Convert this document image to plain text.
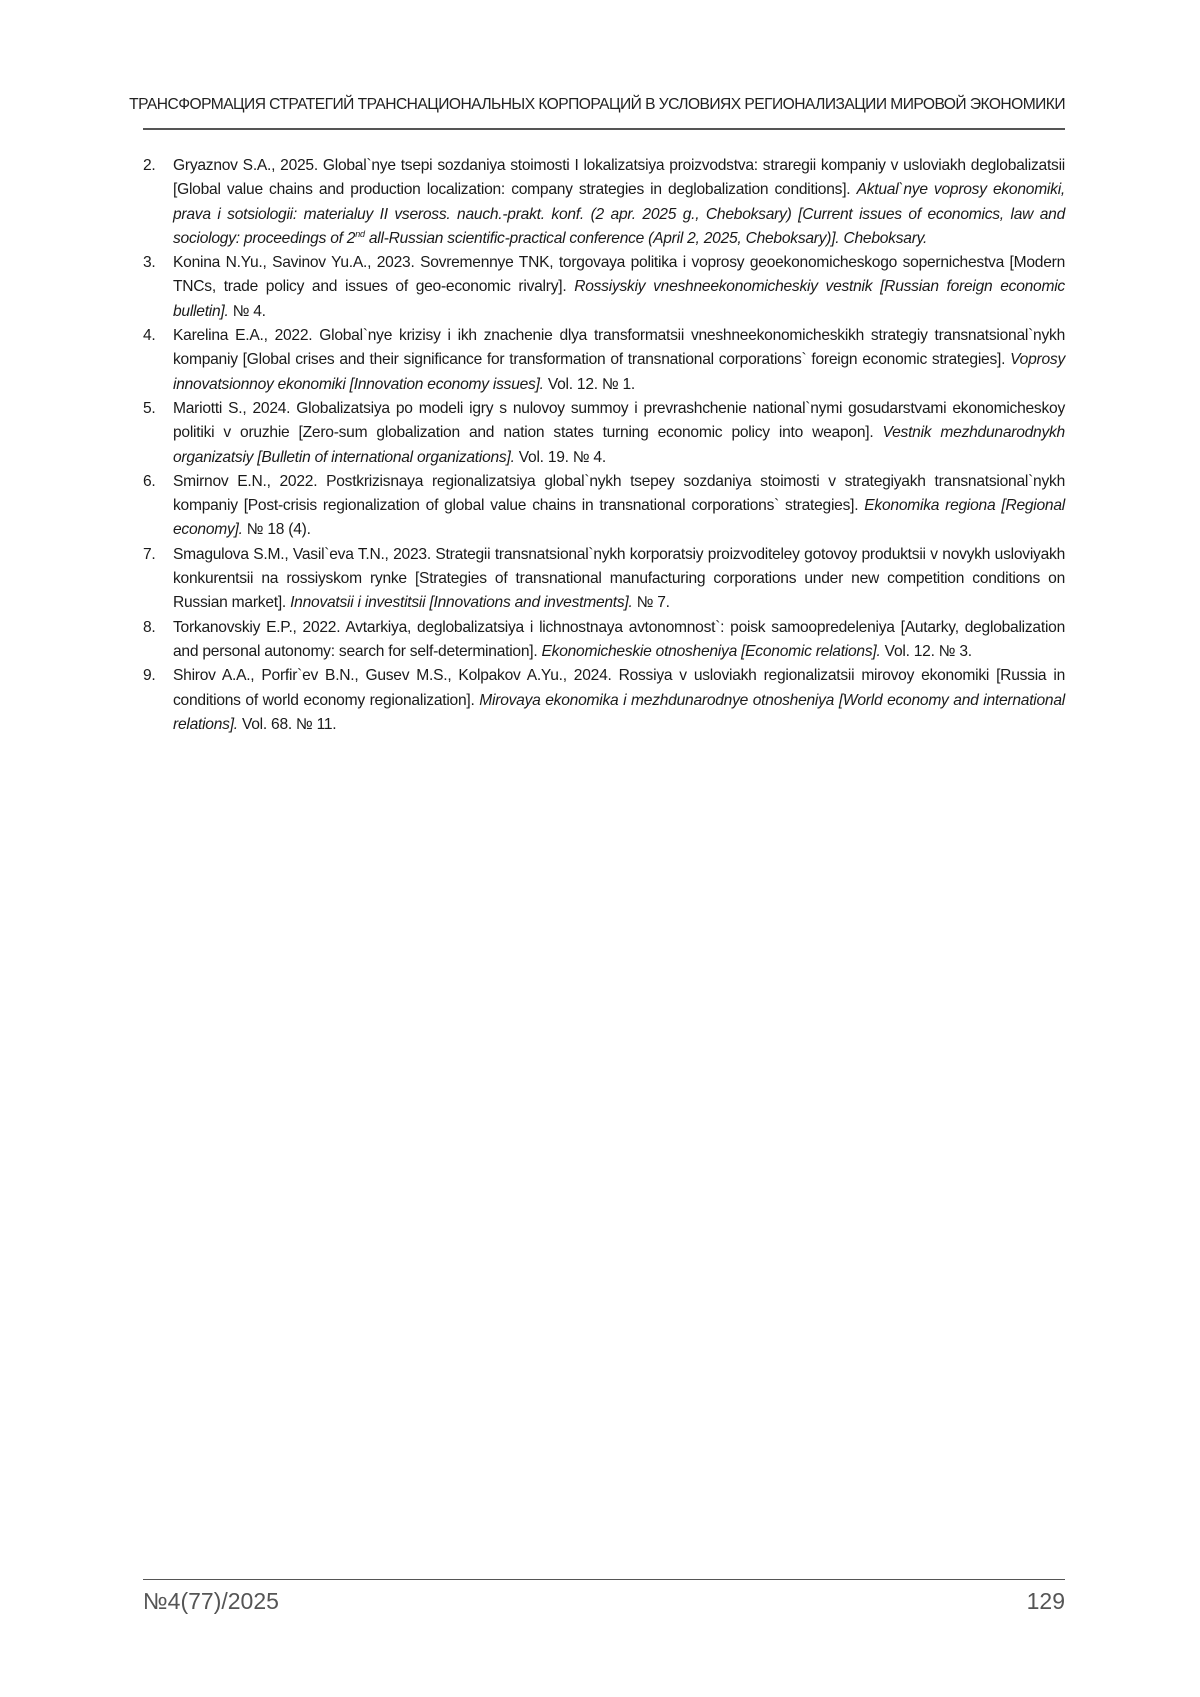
ТРАНСФОРМАЦИЯ СТРАТЕГИЙ ТРАНСНАЦИОНАЛЬНЫХ КОРПОРАЦИЙ В УСЛОВИЯХ РЕГИОНАЛИЗАЦИИ МИРОВОЙ ЭКОНОМИКИ
2.	Gryaznov S.A., 2025. Global`nye tsepi sozdaniya stoimosti I lokalizatsiya proizvodstva: straregii kompaniy v usloviakh deglobalizatsii [Global value chains and production localization: company strategies in deglobalization conditions]. Aktual`nye voprosy ekonomiki, prava i sotsiologii: materialuy II vseross. nauch.-prakt. konf. (2 apr. 2025 g., Cheboksary) [Current issues of economics, law and sociology: proceedings of 2nd all-Russian scientific-practical conference (April 2, 2025, Cheboksary)]. Cheboksary.
3.	Konina N.Yu., Savinov Yu.A., 2023. Sovremennye TNK, torgovaya politika i voprosy geoekonomicheskogo sopernichestva [Modern TNCs, trade policy and issues of geo-economic rivalry]. Rossiyskiy vneshneekonomicheskiy vestnik [Russian foreign economic bulletin]. № 4.
4.	Karelina E.A., 2022. Global`nye krizisy i ikh znachenie dlya transformatsii vneshneekonomicheskikh strategiy transnatsional`nykh kompaniy [Global crises and their significance for transformation of transnational corporations` foreign economic strategies]. Voprosy innovatsionnoy ekonomiki [Innovation economy issues]. Vol. 12. № 1.
5.	Mariotti S., 2024. Globalizatsiya po modeli igry s nulovoy summoy i prevrashchenie national`nymi gosudarstvami ekonomicheskoy politiki v oruzhie [Zero-sum globalization and nation states turning economic policy into weapon]. Vestnik mezhdunarodnykh organizatsiy [Bulletin of international organizations]. Vol. 19. № 4.
6.	Smirnov E.N., 2022. Postkrizisnaya regionalizatsiya global`nykh tsepey sozdaniya stoimosti v strategiyakh transnatsional`nykh kompaniy [Post-crisis regionalization of global value chains in transnational corporations` strategies]. Ekonomika regiona [Regional economy]. № 18 (4).
7.	Smagulova S.M., Vasil`eva T.N., 2023. Strategii transnatsional`nykh korporatsiy proizvoditeley gotovoy produktsii v novykh usloviyakh konkurentsii na rossiyskom rynke [Strategies of transnational manufacturing corporations under new competition conditions on Russian market]. Innovatsii i investitsii [Innovations and investments]. № 7.
8.	Torkanovskiy E.P., 2022. Avtarkiya, deglobalizatsiya i lichnostnaya avtonomnost`: poisk samoopredeleniya [Autarky, deglobalization and personal autonomy: search for self-determination]. Ekonomicheskie otnosheniya [Economic relations]. Vol. 12. № 3.
9.	Shirov A.A., Porfir`ev B.N., Gusev M.S., Kolpakov A.Yu., 2024. Rossiya v usloviakh regionalizatsii mirovoy ekonomiki [Russia in conditions of world economy regionalization]. Mirovaya ekonomika i mezhdunarodnye otnosheniya [World economy and international relations]. Vol. 68. № 11.
№4(77)/2025	129
